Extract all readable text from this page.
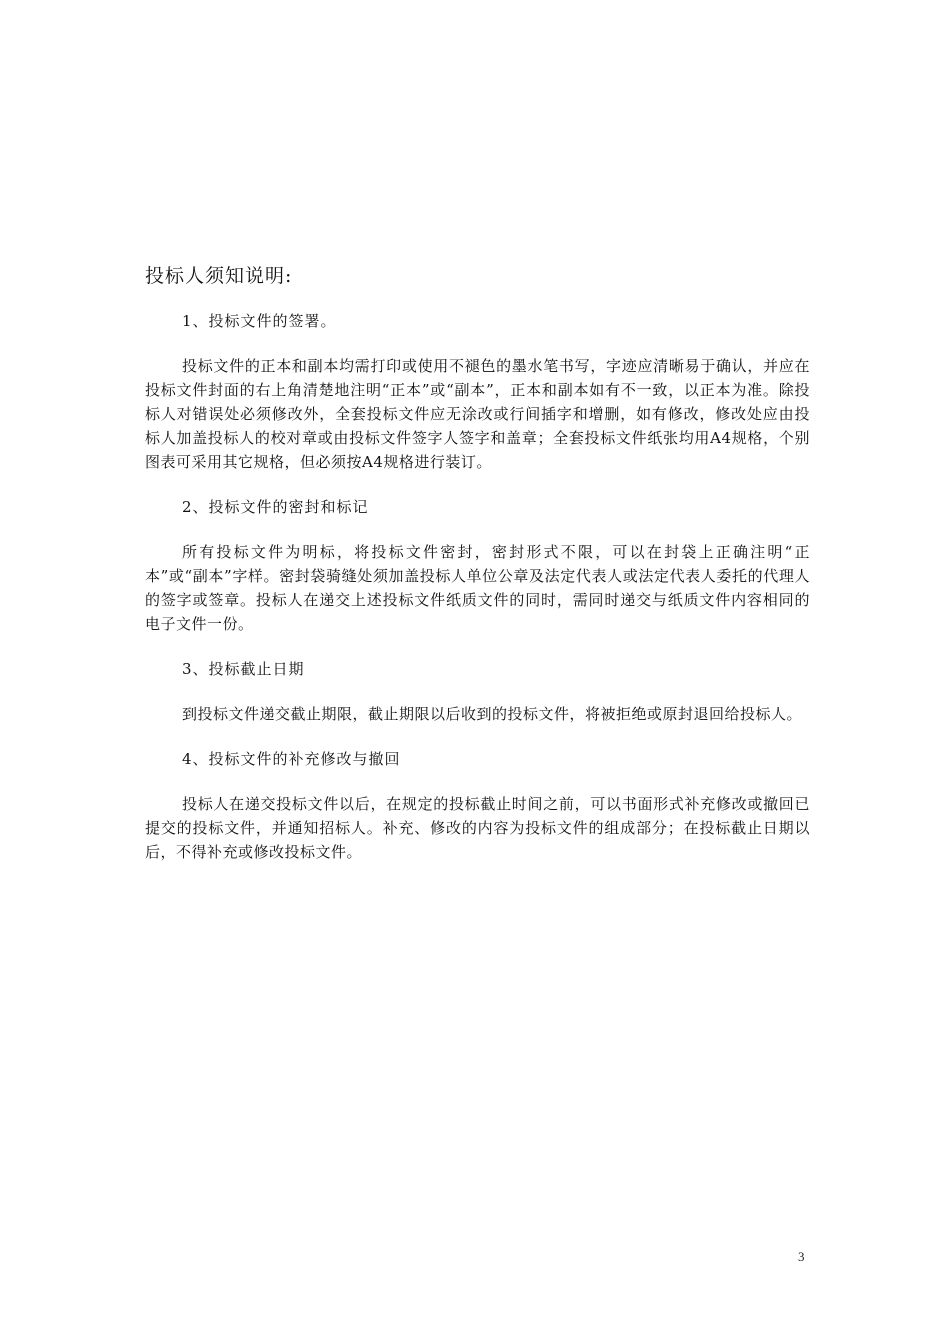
投标人须知说明:

1、投标文件的签署。

投标文件的正本和副本均需打印或使用不褪色的墨水笔书写，字迹应清晰易于确认，并应在投标文件封面的右上角清楚地注明“正本”或“副本”，正本和副本如有不一致，以正本为准。除投标人对错误处必须修改外，全套投标文件应无涂改或行间插字和增删，如有修改，修改处应由投标人加盖投标人的校对章或由投标文件签字人签字和盖章；全套投标文件纸张均用A4规格，个别图表可采用其它规格，但必须按A4规格进行装订。

2、投标文件的密封和标记

所有投标文件为明标，将投标文件密封，密封形式不限，可以在封袋上正确注明“正本”或“副本”字样。密封袋骑缝处须加盖投标人单位公章及法定代表人或法定代表人委托的代理人的签字或签章。投标人在递交上述投标文件纸质文件的同时，需同时递交与纸质文件内容相同的电子文件一份。

3、投标截止日期

到投标文件递交截止期限，截止期限以后收到的投标文件，将被拒绝或原封退回给投标人。

4、投标文件的补充修改与撤回

投标人在递交投标文件以后，在规定的投标截止时间之前，可以书面形式补充修改或撤回已提交的投标文件，并通知招标人。补充、修改的内容为投标文件的组成部分；在投标截止日期以后，不得补充或修改投标文件。

3
